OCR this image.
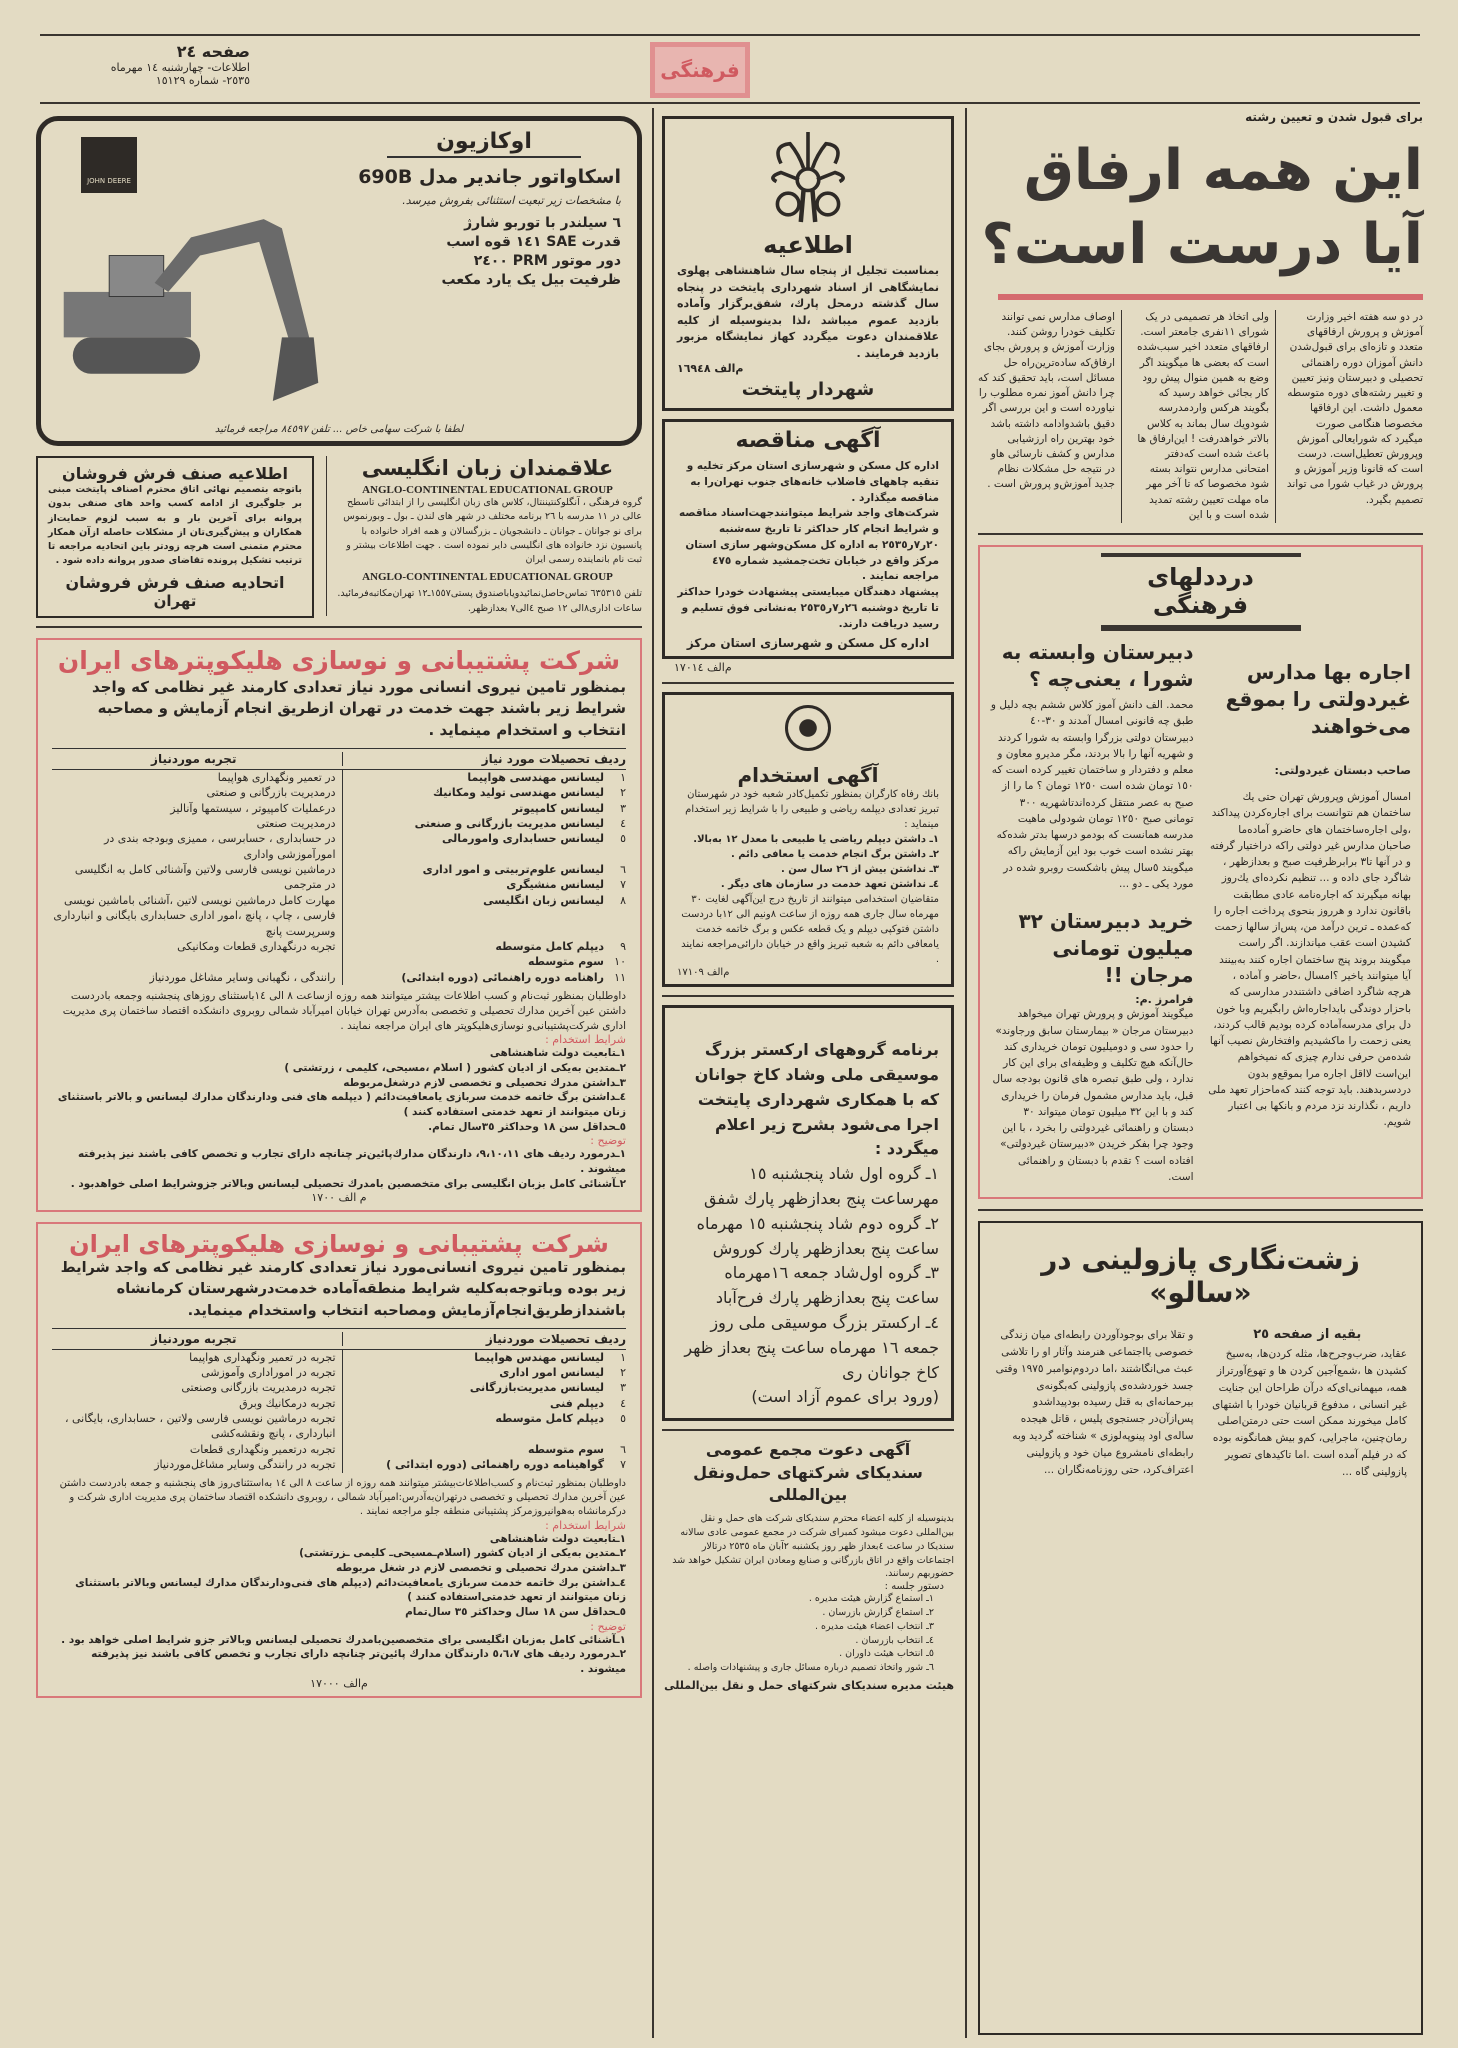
صفحه ٢٤
اطلاعات- چهارشنبه ١٤ مهرماه
٢٥٣٥- شماره ١٥١٢٩	فرهنگی
برای قبول شدن و تعیین رشته
این همه ارفاق
آیا درست است؟

در دو سه هفته اخیر وزارت آموزش و پرورش ارفاقهای متعدد و تازه‌ای برای قبول‌شدن دانش آموزان دوره راهنمائی تحصیلی و دبیرستان ونیز تعیین و تغییر رشته‌های دوره متوسطه معمول داشت. این ارفاقها مخصوصا هنگامی صورت میگیرد که شورایعالی آموزش وپرورش تعطیل‌است. درست است که قانونا وزیر آموزش و پرورش در غیاب شورا می تواند تصمیم بگیرد.

ولی اتخاذ هر تصمیمی در یک شورای ١١نفری جامعتر است. ارفاقهای متعدد اخیر سبب‌شده است که بعضی ها میگویند اگر وضع به همین منوال پیش رود کار بجائی خواهد رسید که بگویند هرکس واردمدرسه شودویك سال بماند به کلاس بالاتر خواهدرفت ! این‌ارفاق ها باعث شده است که‌دفتر امتحانی مدارس نتواند بسته شود مخصوصا که تا آخر مهر ماه مهلت تعیین رشته تمدید شده است و با این

اوصاف مدارس نمی توانند تکلیف خودرا روشن کنند. وزارت آموزش و پرورش بجای ارفاق‌که ساده‌ترین‌راه حل مسائل است، باید تحقیق کند که چرا دانش آموز نمره مطلوب را نیاورده است و این بررسی اگر دقیق باشدوادامه داشته باشد خود بهترین راه ارزشیابی مدارس و کشف نارسائی هاو در نتیجه حل مشکلات نظام جدید آموزش‌و پرورش است .

درددلهای فرهنگی
اجاره بها مدارس غیردولتی را بموقع می‌خواهند
صاحب دبستان غیردولتی:

امسال آموزش وپرورش تهران حتی یك ساختمان هم نتوانست برای اجاره‌کردن پیداکند ،ولی اجاره‌ساختمان های حاضرو آماده‌ما صاحبان مدارس غیر دولتی راکه دراختیار گرفته و در آنها تا٣ برابرظرفیت صبح و بعدازظهر ، شاگرد جای داده و ... تنظیم نکرده‌ای یك‌روز بهانه میگیرند که اجاره‌نامه عادی مطابقت باقانون ندارد و هرروز بنحوی پرداخت اجاره را که‌عمده ـ ترین درآمد من، پس‌از سالها زحمت کشیدن است عقب میاندازند. اگر راست میگویند بروند پنج ساختمان اجاره کنند به‌بینند آیا میتوانند یاخیر ؟امسال ،حاضر و آماده ، هرچه شاگرد اضافی داشتنددر مدارسی که باحزار دوندگی بایداجاره‌اش رابگیریم وبا خون دل برای مدرسه‌آماده کرده بودیم قالب کردند، یعنی زحمت را ماکشیدیم وافتخارش نصیب آنها شده‌من حرفی ندارم چیزی که نمیخواهم این‌است لااقل اجاره مرا بموقع‌و بدون دردسربدهند. باید توجه کنند که‌ماحزار تعهد ملی داریم ، نگذارند نزد مردم و بانکها بی اعتبار شویم.

دبیرستان وابسته به شورا ، یعنی‌چه ؟

محمد. الف دانش آموز کلاس ششم بچه دلیل و طبق چه قانونی امسال آمدند و ٣٠-٤٠ دبیرستان دولتی بزرگرا وابسته به شورا کردند و شهریه آنها را بالا بردند، مگر مدیرو معاون و معلم و دفتردار و ساختمان تغییر کرده است که ١٥٠ تومان شده است ١٢٥٠ تومان ؟ ما را از صبح به عصر منتقل کرده‌اندتاشهریه ٣٠٠ تومانی صبح ١٢٥٠ تومان شودولی ماهیت مدرسه همانست که بودمو درسها بدتر شده‌که بهتر نشده است خوب بود این آزمایش راکه میگویند ٥سال پیش باشکست روبرو شده در مورد یکی ـ دو ...

خرید دبیرستان ٣٢ میلیون تومانی مرجان !!
فرامرز .م:

میگویند آموزش و پرورش تهران میخواهد دبیرستان مرجان « بیمارستان سابق ورجاوند» را حدود سی و دومیلیون تومان خریداری کند حال‌آنکه هیچ تکلیف و وظیفه‌ای برای این کار ندارد ، ولی طبق تبصره های قانون بودجه سال قبل، باید مدارس مشمول فرمان را خریداری کند و با این ٣٢ میلیون تومان میتواند ٣٠ دبستان و راهنمائی غیردولتی را بخرد ، با این وجود چرا بفکر خریدن «دبیرستان غیردولتی» افتاده است ؟ تقدم با دبستان و راهنمائی است.

زشت‌نگاری پازولینی در «سالو»
بقیه از صفحه ٢٥

عقاید، ضرب‌وجرح‌ها، مثله کردن‌ها، به‌سیخ کشیدن ها ،شمع‌آجین کردن ها و تهوع‌آورتراز همه، میهمانی‌ای‌که درآن طراحان این جنایت غیر انسانی ، مدفوع قربانیان خودرا با اشتهای کامل میخورند ممکن است حتی درمتن‌اصلی رمان‌چنین، ماجرایی، کم‌و بیش همانگونه بوده که در فیلم آمده است .اما تاکیدهای تصویر پازولینی گاه ...

و تقلا برای بوجودآوردن رابطه‌ای میان زندگی خصوصی یااجتماعی هنرمند وآثار او را تلاشی عبث می‌انگاشتند ،اما دردوم‌نوامبر ١٩٧٥ وقتی جسد خوردشده‌ی پازولینی که‌بگونه‌ی بیرحمانه‌ای به قتل رسیده بودپیداشدو پس‌ازآن‌در جستجوی پلیس ، قاتل هیجده ساله‌ی اود پینوپه‌لوزی » شناخته گردید وبه رابطه‌ای نامشروع میان خود و پازولینی اعتراف‌کرد، حتی روزنامه‌نگاران ...

اطلاعیه

بمناسبت تجلیل از پنجاه سال شاهنشاهی پهلوی نمایشگاهی از اسناد شهرداری پایتخت در پنجاه سال گذشته درمحل پارك، شفق‌برگزار وآماده بازدید عموم میباشد ،لذا بدینوسیله از کلیه علاقمندان دعوت میگردد کهاز نمایشگاه مزبور بازدید فرمایند .

م‌الف ١٦٩٤٨
شهردار پایتخت
آگهی مناقصه

اداره کل مسکن و شهرسازی استان مرکز تخلیه و تنقیه چاههای فاضلاب خانه‌های جنوب تهران‌را به مناقصه میگذارد .

شرکت‌های واجد شرایط میتوانندجهت‌اسناد مناقصه و شرایط انجام کار حداکثر تا تاریخ سه‌شنبه ٢٠ر٧ر٢٥٣٥ به اداره کل مسکن‌وشهر سازی استان مرکز واقع در خیابان تخت‌جمشید شماره ٤٧٥ مراجعه نمایند .

پیشنهاد دهندگان میبایستی پیشنهادت خودرا حداکثر تا تاریخ دوشنبه ٢٦ر٧ر٢٥٣٥ به‌نشانی فوق تسلیم و رسید دریافت دارند.

اداره کل مسکن و شهرسازی استان مرکز
م‌الف ١٧٠١٤
آگهی استخدام

بانك رفاه کارگران بمنظور تکمیل‌کادر شعبه خود در شهرستان تبریز تعدادی دیپلمه ریاضی و طبیعی را با شرایط زیر استخدام مینماید :

١ـ داشتن دیپلم ریاضی یا طبیعی با معدل ١٢ به‌بالا.
٢ـ داشتن برگ انجام خدمت یا معافی دائم .
٣ـ نداشتن بیش از ٢٦ سال سن .
٤ـ نداشتن تعهد خدمت در سازمان های دیگر .

متقاضیان استخدامی میتوانند از تاریخ درج این‌آگهی لغایت ٣٠ مهرماه سال جاری همه روزه از ساعت ٨ونیم الی ١٢با دردست داشتن فتوکپی دیپلم و یک قطعه عکس و برگ خاتمه خدمت یامعافی دائم به شعبه تبریز واقع در خیابان دارائی‌مراجعه نمایند .

م‌الف ١٧١٠٩

برنامه گروههای ارکستر بزرگ موسیقی ملی وشاد کاخ جوانان که با همکاری شهرداری پایتخت اجرا می‌شود بشرح زیر اعلام میگردد :

١ـ گروه اول شاد پنجشنبه ١٥ مهرساعت پنج بعدازظهر پارك شفق
٢ـ گروه دوم شاد پنجشنبه ١٥ مهرماه ساعت پنج بعدازظهر پارك کوروش
٣ـ گروه اول‌شاد جمعه ١٦مهرماه ساعت پنج بعدازظهر پارك فرح‌آباد
٤ـ ارکستر بزرگ موسیقی ملی روز جمعه ١٦ مهرماه ساعت پنج بعداز ظهر کاخ جوانان ری
(ورود برای عموم آزاد است)
آگهی دعوت مجمع عمومی
سندیکای شرکتهای حمل‌ونقل بین‌المللی

بدینوسیله از کلیه اعضاء محترم سندیکای شرکت های حمل و نقل بین‌المللی دعوت میشود کمبرای شرکت در مجمع عمومی عادی سالانه سندیکا در ساعت ٤بعداز ظهر روز یکشنبه ٢آبان ماه ٢٥٣٥ درتالار اجتماعات واقع در اتاق بازرگانی و صنایع ومعادن ایران تشکیل خواهد شد حضوربهم رسانند.

دستور جلسه :
١ـ استماع گزارش هیئت مدیره .
٢ـ استماع گزارش بازرسان .
٣ـ انتخاب اعضاء هیئت مدیره .
٤ـ انتخاب بازرسان .
٥ـ انتخاب هیئت داوران .
٦ـ شور واتخاذ تصمیم درباره مسائل جاری و پیشنهادات واصله .
هیئت مدیره سندیکای شرکتهای حمل و نقل بین‌المللی
JOHN DEERE
اوکازیون
اسکاواتور جاندیر مدل 690B
با مشخصات زیر تبعیت استثنائی بفروش میرسد.
٦ سیلندر با توربو شارژ
قدرت SAE ١٤١ قوه اسب
دور موتور PRM ٢٤٠٠
ظرفیت بیل یک یارد مکعب
لطفا با شرکت سهامی خاص ... تلفن ٨٤٥٩٧ مراجعه فرمائید
اطلاعیه صنف فرش فروشان

باتوجه بتصمیم نهائی اتاق محترم اصناف پایتخت مبنی بر جلوگیری از ادامه کسب واحد های صنفی بدون پروانه برای آخرین بار و به سبب لزوم حمایت‌از همکاران و پیش‌گیری‌تان از مشکلات حاصله ازآن همکار محترم متمنی است هرچه زودتر باین اتحادیه مراجعه تا ترتیب تشکیل پرونده تقاضای صدور پروانه داده شود .

اتحادیه صنف فرش فروشان
تهران
علاقمندان زبان انگلیسی
ANGLO-CONTINENTAL EDUCATIONAL GROUP

گروه فرهنگی ، آنگلوکنتیننتال، کلاس های زبان انگلیسی را از ابتدائی تاسطح عالی در ١١ مدرسه با ٢٦ برنامه مختلف در شهر های لندن ـ بول ـ وبورنموس برای نو جوانان ـ جوانان ـ دانشجویان ـ بزرگسالان و همه افراد خانواده با پانسیون نزد خانواده های انگلیسی دایر نموده است . جهت اطلاعات بیشتر و ثبت نام بانماینده رسمی ایران

ANGLO-CONTINENTAL EDUCATIONAL GROUP

تلفن ٦٣٥٣١٥ تماس‌حاصل‌نمائیدویاباصندوق پستی١٥٥٧ـ١٢ تهران‌مکاتبه‌فرمائید. ساعات اداری٨الی ١٢ صبح ٤الی٧ بعدازظهر.

شرکت پشتیبانی و نوسازی هلیکوپترهای ایران

بمنظور تامین نیروی انسانی مورد نیاز تعدادی کارمند غیر نظامی که واجد شرایط زیر باشند جهت خدمت در تهران ازطریق انجام آزمایش و مصاحبه انتخاب و استخدام مینماید .

ردیف تحصیلات مورد نیاز
تجربه موردنیاز
١
لیسانس مهندسی هواپیما
در تعمیر ونگهداری هواپیما
٢
لیسانس مهندسی تولید ومکانیك
درمدیریت بازرگانی و صنعتی
٣
لیسانس کامپیوتر
درعملیات کامپیوتر ، سیستمها وآنالیز
٤
لیسانس مدیریت بازرگانی و صنعتی
درمدیریت صنعتی
٥
لیسانس حسابداری وامورمالی
در حسابداری ، حسابرسی ، ممیزی وبودجه بندی در امورآموزشی واداری
٦
لیسانس علوم‌تربیتی و امور اداری
درماشین نویسی فارسی ولاتین وآشنائی کامل به انگلیسی
٧
لیسانس منشیگری
در مترجمی
٨
لیسانس زبان انگلیسی
مهارت کامل درماشین نویسی لاتین ،آشنائی باماشین نویسی فارسی ، چاپ ، پانچ ،امور اداری حسابداری بایگانی و انبارداری وسرپرست پانچ
٩
دیپلم کامل متوسطه
تجربه درنگهداری قطعات ومکانیکی
١٠
سوم متوسطه
١١
راهنامه دوره راهنمائی (دوره ابتدائی)
رانندگی ، نگهبانی وسایر مشاغل موردنیاز

داوطلبان بمنظور ثبت‌نام و کسب اطلاعات بیشتر میتوانند همه روزه ازساعت ٨ الی ١٤باستثنای روزهای پنجشنبه وجمعه بادردست داشتن عین آخرین مدارك تحصیلی و تخصصی به‌آدرس تهران خیابان امیرآباد شمالی روبروی دانشکده اقتصاد ساختمان پری مدیریت اداری شرکت‌پشتیبانی‌و نوسازی‌هلیکوپتر های ایران مراجعه نمایند .

شرایط استخدام :
١ـتابعیت دولت شاهنشاهی
٢ـمتدین به‌یکی از ادیان کشور ( اسلام ،مسیحی، کلیمی ، زرتشتی )
٣ـداشتن مدرك تحصیلی و تخصصی لازم درشغل‌مربوطه
٤ـداشتن برگ خاتمه خدمت سربازی یامعافیت‌دائم ( دیپلمه های فنی ودارندگان مدارك لیسانس و بالاتر باستثنای زنان میتوانند از تعهد خدمتی استفاده کنند )
٥ـحداقل سن ١٨ وحداکثر ٣٥سال تمام.
توضیح :
١ـدرمورد ردیف های ٩،١٠،١١، دارندگان مدارك‌پائین‌تر چنانچه دارای تجارب و تخصص کافی باشند نیز پذیرفته میشوند .
٢ـآشنائی کامل بزبان انگلیسی برای متخصصین بامدرك تحصیلی لیسانس وبالاتر جزوشرایط اصلی خواهدبود .
م الف ١٧٠٠
شرکت پشتیبانی و نوسازی هلیکوپترهای ایران

بمنظور تامین نیروی انسانی‌مورد نیاز تعدادی کارمند غیر نظامی که واجد شرایط زیر بوده وباتوجه‌به‌کلیه شرایط منطقه‌آماده خدمت‌درشهرستان کرمانشاه باشندازطریق‌انجام‌آزمایش ومصاحبه انتخاب واستخدام مینماید.

ردیف تحصیلات موردنیاز
تجربه موردنیاز
١
لیسانس مهندس هواپیما
تجربه در تعمیر ونگهداری هواپیما
٢
لیسانس امور اداری
تجربه در اموراداری وآموزشی
٣
لیسانس مدیریت‌بازرگانی
تجربه درمدیریت بازرگانی وصنعتی
٤
دیپلم فنی
تجربه درمکانیك وبرق
٥
دیپلم کامل متوسطه
تجربه درماشین نویسی فارسی ولاتین ، حسابداری، بایگانی ، انبارداری ، پانچ ونقشه‌کشی
٦
سوم متوسطه
تجربه درتعمیر ونگهداری قطعات
٧
گواهینامه دوره راهنمائی (دوره ابتدائی )
تجربه در رانندگی وسایر مشاغل‌موردنیاز

داوطلبان بمنظور ثبت‌نام و کسب‌اطلاعات‌بیشتر میتوانند همه روزه از ساعت ٨ الی ١٤ به‌استثنای‌روز های پنجشنبه و جمعه بادردست داشتن عین آخرین مدارك تحصیلی و تخصصی درتهران‌به‌آدرس:امیرآباد شمالی ، روبروی دانشکده اقتصاد ساختمان پری مدیریت اداری شرکت و درکرمانشاه به‌هوانیروزمرکز پشتیبانی منطقه جلو مراجعه نمایند .

شرایط استخدام :
١ـتابعیت دولت شاهنشاهی
٢ـمتدین به‌یکی از ادیان کشور (اسلام‌ـمسیحی‌ـ کلیمی ـزرتشتی)
٣ـداشتن مدرك تحصیلی و تخصصی لازم در شغل مربوطه
٤ـداشتن برك خاتمه خدمت سربازی یامعافیت‌دائم (دیپلم های فنی‌ودارندگان مدارك لیسانس وبالاتر باستثنای زنان میتوانند از تعهد خدمتی‌استفاده کنند )
٥ـحداقل سن ١٨ سال وحداکثر ٣٥ سال‌تمام
توضیح :
١ـآشنائی کامل به‌زبان انگلیسی برای متخصصین‌بامدرك تحصیلی لیسانس وبالاتر جزو شرایط اصلی خواهد بود .
٢ـدرمورد ردیف های ٥،٦،٧ دارندگان مدارك پائین‌تر چنانچه دارای تجارب و تخصص کافی باشند نیز پذیرفته میشوند .
م‌الف ١٧٠٠٠
